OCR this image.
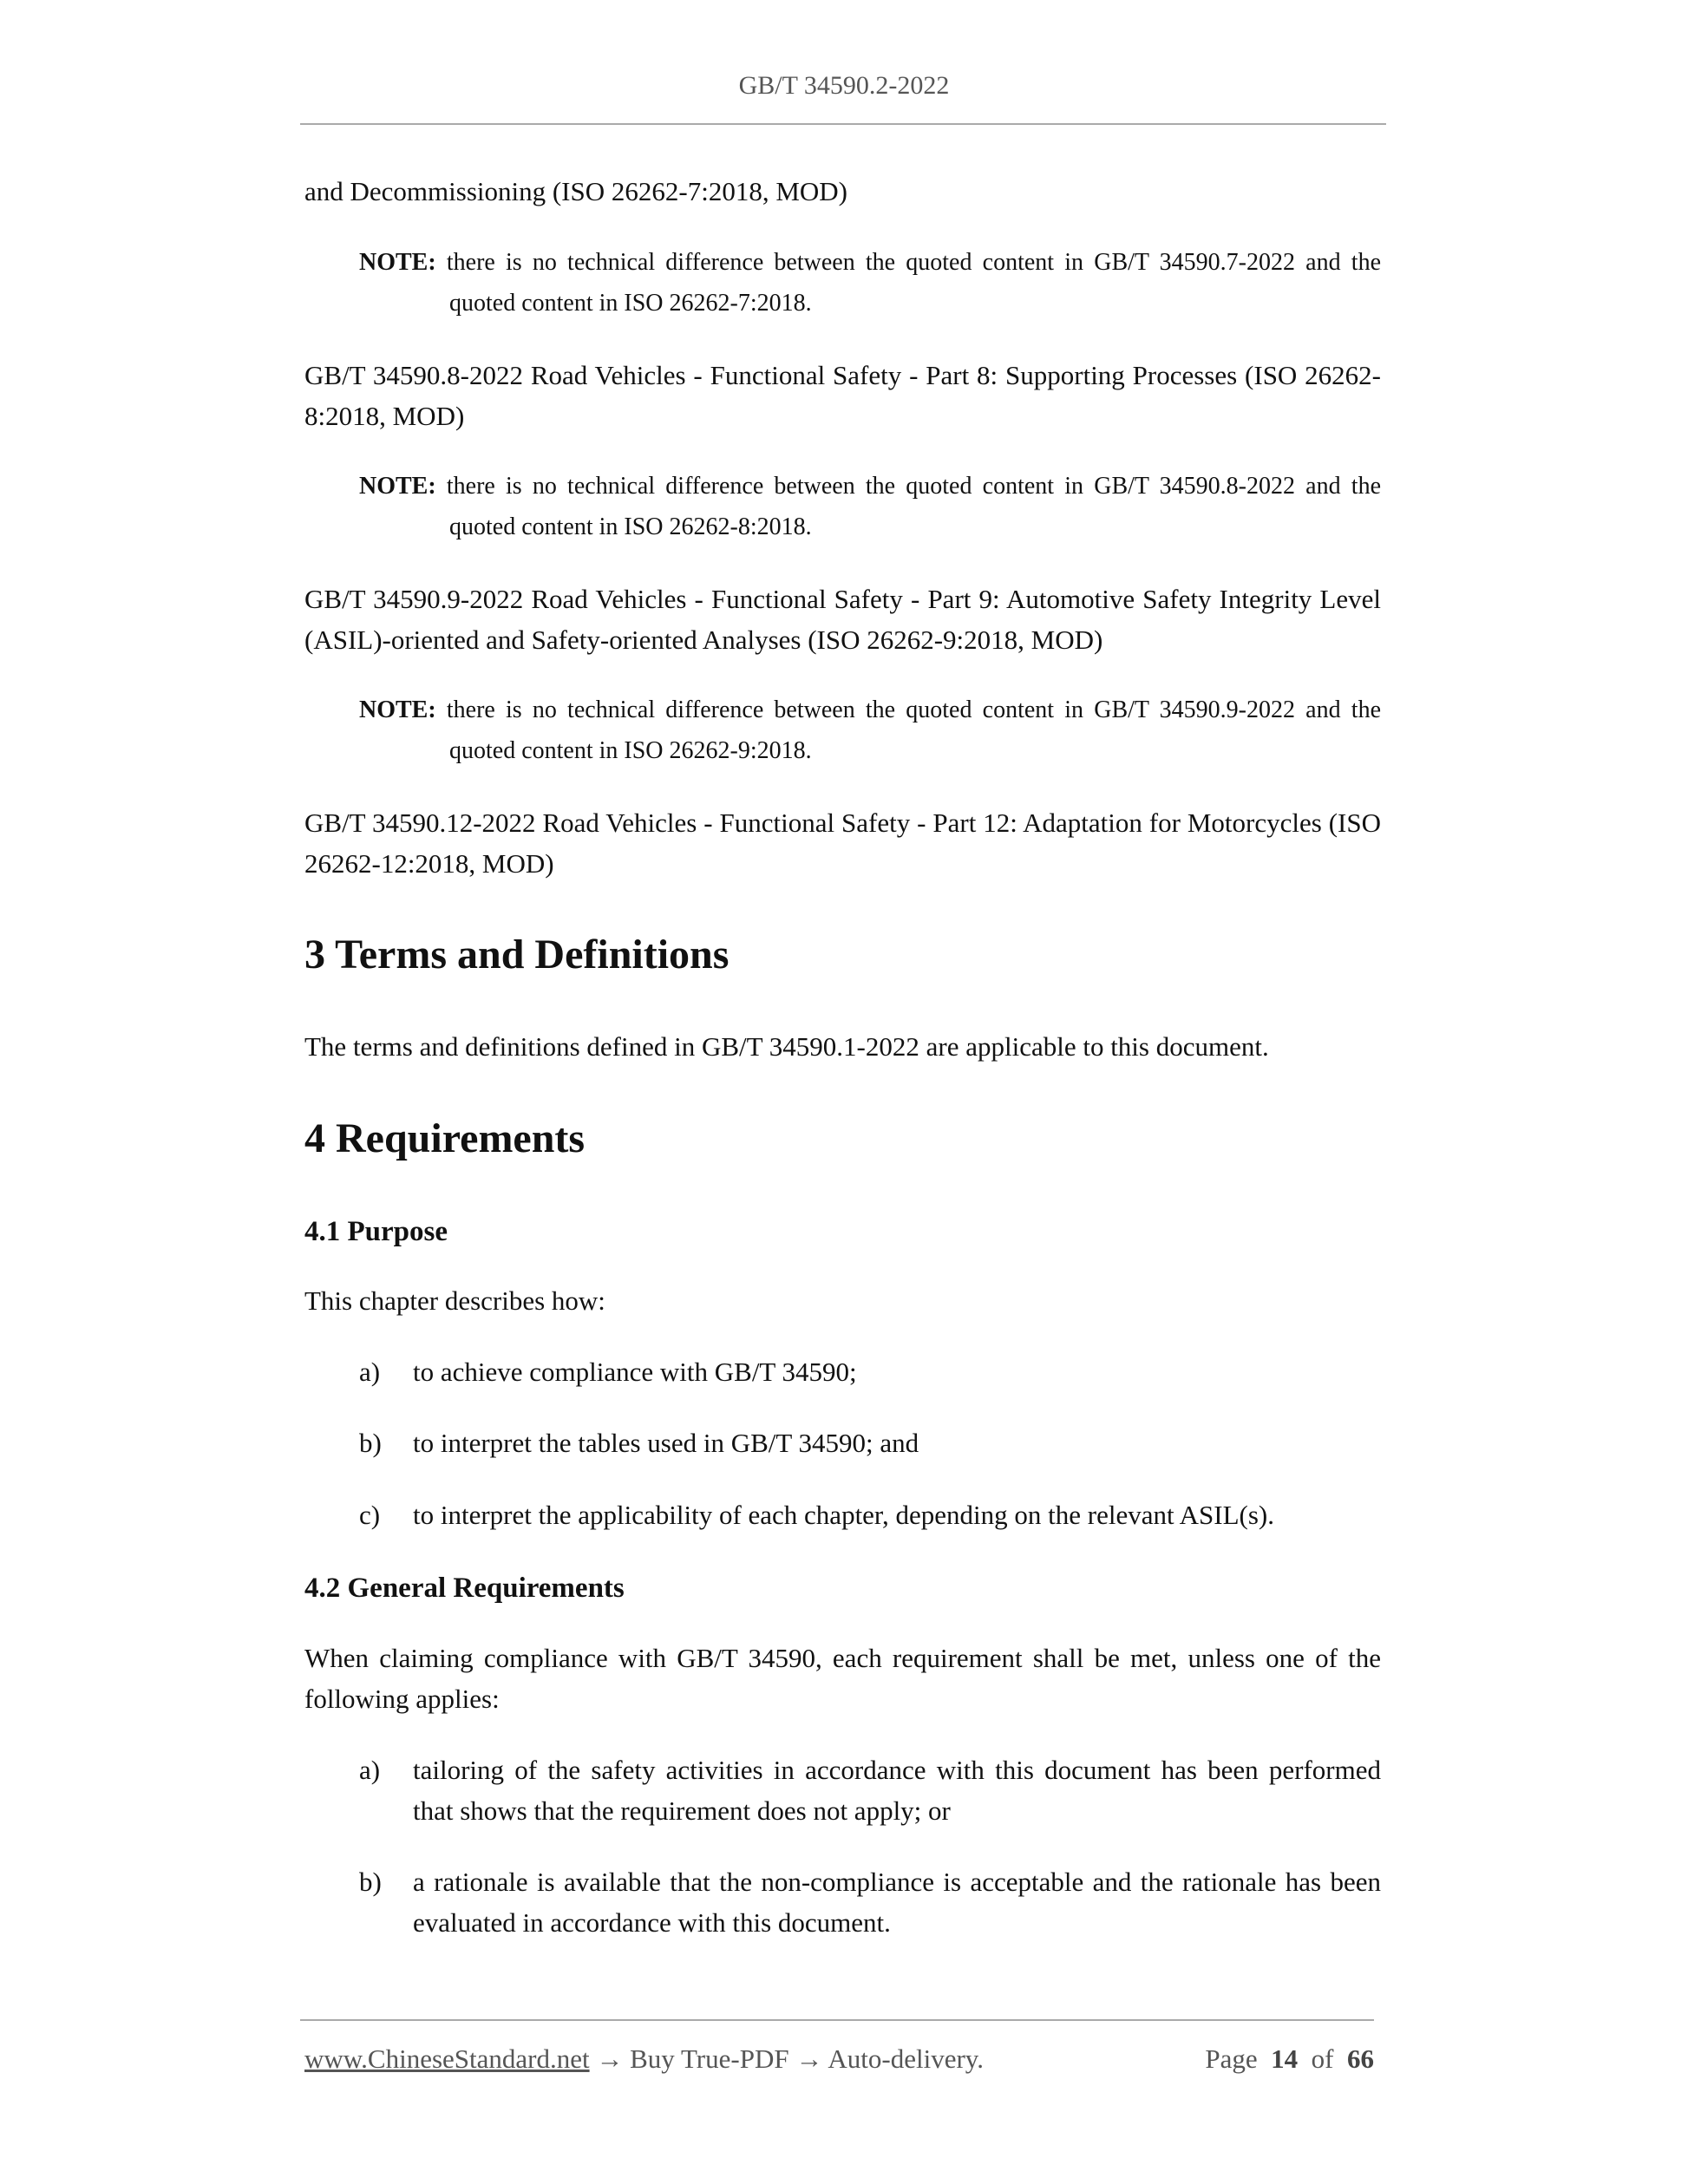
GB/T 34590.2-2022

and Decommissioning (ISO 26262-7:2018, MOD)

NOTE: there is no technical difference between the quoted content in GB/T 34590.7-2022 and the quoted content in ISO 26262-7:2018.

GB/T 34590.8-2022 Road Vehicles - Functional Safety - Part 8: Supporting Processes (ISO 26262-8:2018, MOD)

NOTE: there is no technical difference between the quoted content in GB/T 34590.8-2022 and the quoted content in ISO 26262-8:2018.

GB/T 34590.9-2022 Road Vehicles - Functional Safety - Part 9: Automotive Safety Integrity Level (ASIL)-oriented and Safety-oriented Analyses (ISO 26262-9:2018, MOD)

NOTE: there is no technical difference between the quoted content in GB/T 34590.9-2022 and the quoted content in ISO 26262-9:2018.

GB/T 34590.12-2022 Road Vehicles - Functional Safety - Part 12: Adaptation for Motorcycles (ISO 26262-12:2018, MOD)

3 Terms and Definitions

The terms and definitions defined in GB/T 34590.1-2022 are applicable to this document.

4 Requirements
4.1 Purpose

This chapter describes how:

a)	to achieve compliance with GB/T 34590;
b)	to interpret the tables used in GB/T 34590; and
c)	to interpret the applicability of each chapter, depending on the relevant ASIL(s).
4.2 General Requirements

When claiming compliance with GB/T 34590, each requirement shall be met, unless one of the following applies:

a)	tailoring of the safety activities in accordance with this document has been performed that shows that the requirement does not apply; or
b)	a rationale is available that the non-compliance is acceptable and the rationale has been evaluated in accordance with this document.
www.ChineseStandard.net → Buy True-PDF → Auto-delivery.	Page 14 of 66
